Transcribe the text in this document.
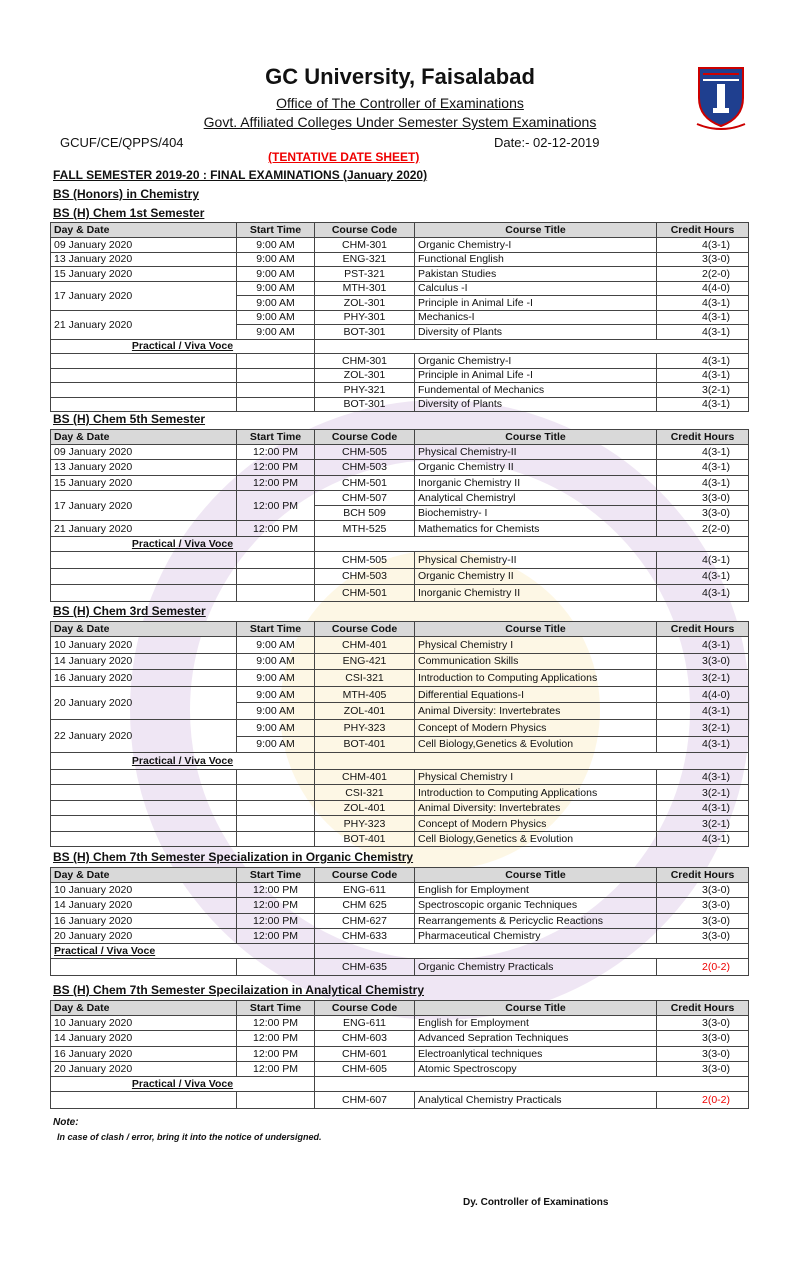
GC University, Faisalabad
Office of The Controller of Examinations
Govt. Affiliated Colleges Under Semester System Examinations
GCUF/CE/QPPS/404	Date:- 02-12-2019
(TENTATIVE DATE SHEET)
FALL SEMESTER 2019-20 : FINAL EXAMINATIONS (January 2020)
BS (Honors) in Chemistry
BS (H) Chem 1st Semester
Day & Date	Start Time	Course Code	Course Title	Credit Hours
09 January 2020	9:00 AM	CHM-301	Organic Chemistry-I	4(3-1)
13 January 2020	9:00 AM	ENG-321	Functional English	3(3-0)
15 January 2020	9:00 AM	PST-321	Pakistan Studies	2(2-0)
17 January 2020	9:00 AM	MTH-301	Calculus -I	4(4-0)
	9:00 AM	ZOL-301	Principle in Animal Life -I	4(3-1)
21 January 2020	9:00 AM	PHY-301	Mechanics-I	4(3-1)
	9:00 AM	BOT-301	Diversity of Plants	4(3-1)
Practical / Viva Voce				
		CHM-301	Organic Chemistry-I	4(3-1)
		ZOL-301	Principle in Animal Life -I	4(3-1)
		PHY-321	Fundemental of Mechanics	3(2-1)
		BOT-301	Diversity of Plants	4(3-1)
BS (H) Chem 5th Semester
Day & Date	Start Time	Course Code	Course Title	Credit Hours
09 January 2020	12:00 PM	CHM-505	Physical Chemistry-II	4(3-1)
13 January 2020	12:00 PM	CHM-503	Organic Chemistry II	4(3-1)
15 January 2020	12:00 PM	CHM-501	Inorganic Chemistry II	4(3-1)
17 January 2020	12:00 PM	CHM-507	Analytical Chemistryl	3(3-0)
		BCH 509	Biochemistry- I	3(3-0)
21 January 2020	12:00 PM	MTH-525	Mathematics for Chemists	2(2-0)
Practical / Viva Voce				
		CHM-505	Physical Chemistry-II	4(3-1)
		CHM-503	Organic Chemistry II	4(3-1)
		CHM-501	Inorganic Chemistry II	4(3-1)
BS (H) Chem 3rd Semester
Day & Date	Start Time	Course Code	Course Title	Credit Hours
10 January 2020	9:00 AM	CHM-401	Physical Chemistry I	4(3-1)
14 January 2020	9:00 AM	ENG-421	Communication Skills	3(3-0)
16 January 2020	9:00 AM	CSI-321	Introduction to Computing Applications	3(2-1)
20 January 2020	9:00 AM	MTH-405	Differential Equations-I	4(4-0)
	9:00 AM	ZOL-401	Animal Diversity: Invertebrates	4(3-1)
22 January 2020	9:00 AM	PHY-323	Concept of Modern Physics	3(2-1)
	9:00 AM	BOT-401	Cell Biology,Genetics & Evolution	4(3-1)
Practical / Viva Voce				
		CHM-401	Physical Chemistry I	4(3-1)
		CSI-321	Introduction to Computing Applications	3(2-1)
		ZOL-401	Animal Diversity: Invertebrates	4(3-1)
		PHY-323	Concept of Modern Physics	3(2-1)
		BOT-401	Cell Biology,Genetics & Evolution	4(3-1)
BS (H) Chem 7th Semester Specialization in Organic Chemistry
Day & Date	Start Time	Course Code	Course Title	Credit Hours
10 January 2020	12:00 PM	ENG-611	English for Employment	3(3-0)
14 January 2020	12:00 PM	CHM 625	Spectroscopic organic Techniques	3(3-0)
16 January 2020	12:00 PM	CHM-627	Rearrangements & Pericyclic Reactions	3(3-0)
20 January 2020	12:00 PM	CHM-633	Pharmaceutical Chemistry	3(3-0)
Practical / Viva Voce				
		CHM-635	Organic Chemistry Practicals	2(0-2)
BS (H) Chem 7th Semester Specilaization in Analytical Chemistry
Day & Date	Start Time	Course Code	Course Title	Credit Hours
10 January 2020	12:00 PM	ENG-611	English for Employment	3(3-0)
14 January 2020	12:00 PM	CHM-603	Advanced Sepration Techniques	3(3-0)
16 January 2020	12:00 PM	CHM-601	Electroanlytical techniques	3(3-0)
20 January 2020	12:00 PM	CHM-605	Atomic Spectroscopy	3(3-0)
Practical / Viva Voce				
		CHM-607	Analytical Chemistry Practicals	2(0-2)
Note:
In case of clash / error, bring it into the notice of undersigned.
Dy. Controller of Examinations
